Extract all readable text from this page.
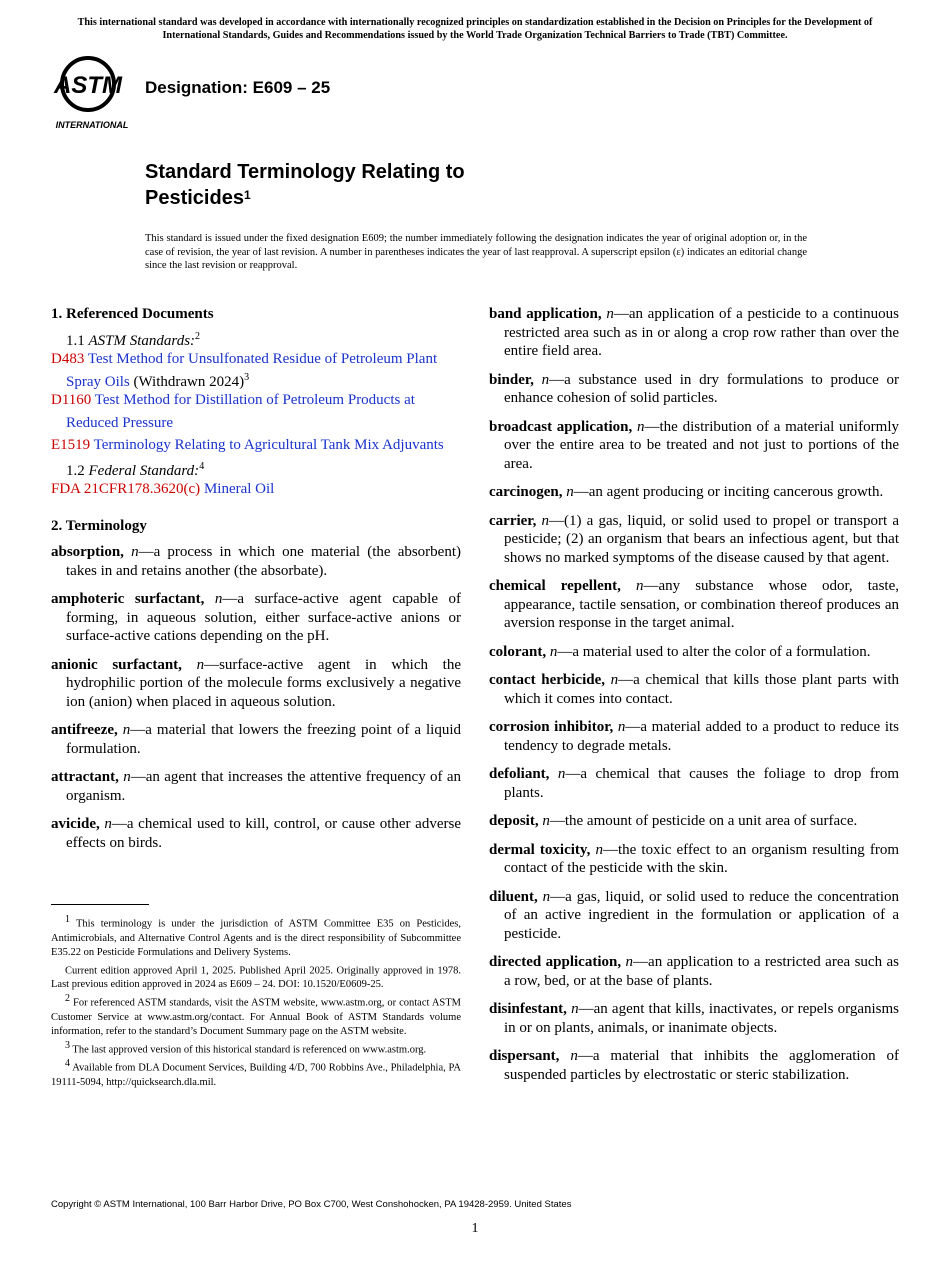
This international standard was developed in accordance with internationally recognized principles on standardization established in the Decision on Principles for the Development of International Standards, Guides and Recommendations issued by the World Trade Organization Technical Barriers to Trade (TBT) Committee.
ASTM
INTERNATIONAL
Designation: E609 – 25
Standard Terminology Relating to
Pesticides$^1$
This standard is issued under the fixed designation E609; the number immediately following the designation indicates the year of original adoption or, in the case of revision, the year of last revision. A number in parentheses indicates the year of last reapproval. A superscript epsilon (ε) indicates an editorial change since the last revision or reapproval.
1. Referenced Documents

1.1 ASTM Standards:$^2$

D483 Test Method for Unsulfonated Residue of Petroleum Plant Spray Oils (Withdrawn 2024)$^3$

D1160 Test Method for Distillation of Petroleum Products at Reduced Pressure

E1519 Terminology Relating to Agricultural Tank Mix Adjuvants

1.2 Federal Standard:$^4$

FDA 21CFR178.3620(c) Mineral Oil

2. Terminology

absorption, n—a process in which one material (the absorbent) takes in and retains another (the absorbate).

amphoteric surfactant, n—a surface-active agent capable of forming, in aqueous solution, either surface-active anions or surface-active cations depending on the pH.

anionic surfactant, n—surface-active agent in which the hydrophilic portion of the molecule forms exclusively a negative ion (anion) when placed in aqueous solution.

antifreeze, n—a material that lowers the freezing point of a liquid formulation.

attractant, n—an agent that increases the attentive frequency of an organism.

avicide, n—a chemical used to kill, control, or cause other adverse effects on birds.

band application, n—an application of a pesticide to a continuous restricted area such as in or along a crop row rather than over the entire field area.

binder, n—a substance used in dry formulations to produce or enhance cohesion of solid particles.

broadcast application, n—the distribution of a material uniformly over the entire area to be treated and not just to portions of the area.

carcinogen, n—an agent producing or inciting cancerous growth.

carrier, n—(1) a gas, liquid, or solid used to propel or transport a pesticide; (2) an organism that bears an infectious agent, but that shows no marked symptoms of the disease caused by that agent.

chemical repellent, n—any substance whose odor, taste, appearance, tactile sensation, or combination thereof produces an aversion response in the target animal.

colorant, n—a material used to alter the color of a formulation.

contact herbicide, n—a chemical that kills those plant parts with which it comes into contact.

corrosion inhibitor, n—a material added to a product to reduce its tendency to degrade metals.

defoliant, n—a chemical that causes the foliage to drop from plants.

deposit, n—the amount of pesticide on a unit area of surface.

dermal toxicity, n—the toxic effect to an organism resulting from contact of the pesticide with the skin.

diluent, n—a gas, liquid, or solid used to reduce the concentration of an active ingredient in the formulation or application of a pesticide.

directed application, n—an application to a restricted area such as a row, bed, or at the base of plants.

disinfestant, n—an agent that kills, inactivates, or repels organisms in or on plants, animals, or inanimate objects.

dispersant, n—a material that inhibits the agglomeration of suspended particles by electrostatic or steric stabilization.

$^1$ This terminology is under the jurisdiction of ASTM Committee E35 on Pesticides, Antimicrobials, and Alternative Control Agents and is the direct responsibility of Subcommittee E35.22 on Pesticide Formulations and Delivery Systems.

Current edition approved April 1, 2025. Published April 2025. Originally approved in 1978. Last previous edition approved in 2024 as E609 – 24. DOI: 10.1520/E0609-25.

$^2$ For referenced ASTM standards, visit the ASTM website, www.astm.org, or contact ASTM Customer Service at www.astm.org/contact. For Annual Book of ASTM Standards volume information, refer to the standard’s Document Summary page on the ASTM website.

$^3$ The last approved version of this historical standard is referenced on www.astm.org.

$^4$ Available from DLA Document Services, Building 4/D, 700 Robbins Ave., Philadelphia, PA 19111-5094, http://quicksearch.dla.mil.

Copyright © ASTM International, 100 Barr Harbor Drive, PO Box C700, West Conshohocken, PA 19428-2959. United States
1
